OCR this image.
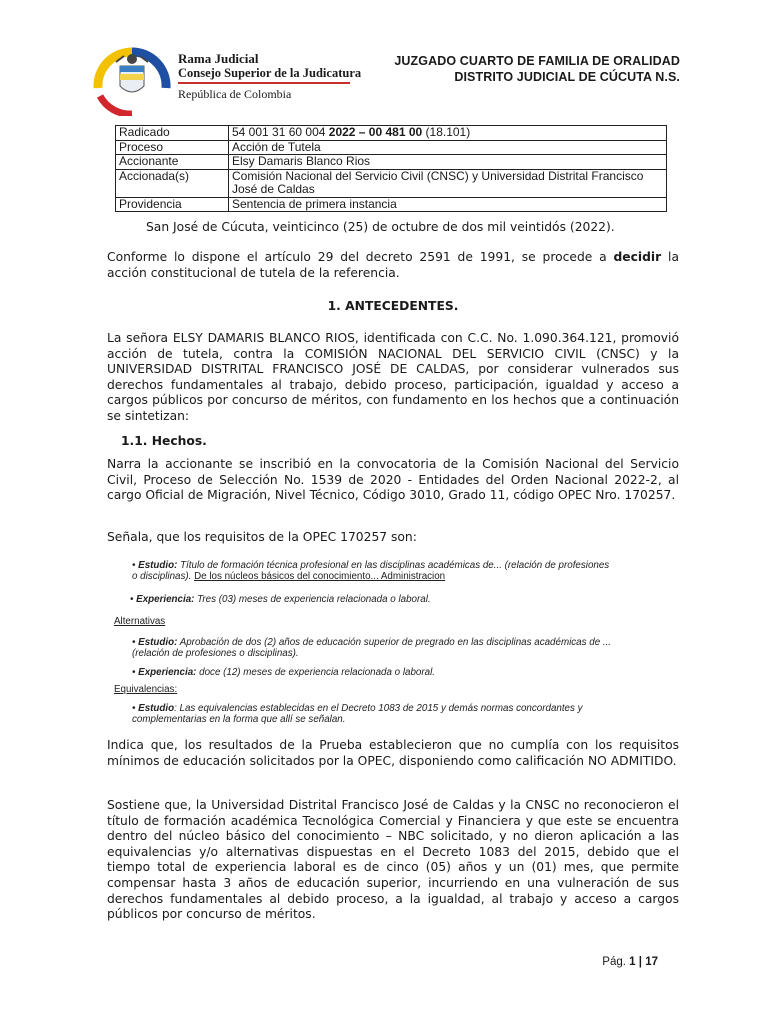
Rama Judicial
Consejo Superior de la Judicatura
República de Colombia
JUZGADO CUARTO DE FAMILIA DE ORALIDAD
DISTRITO JUDICIAL DE CÚCUTA N.S.
Radicado	54 001 31 60 004 2022 – 00 481 00 (18.101)
Proceso	Acción de Tutela
Accionante	Elsy Damaris Blanco Rios
Accionada(s)	Comisión Nacional del Servicio Civil (CNSC) y Universidad Distrital Francisco José de Caldas
Providencia	Sentencia de primera instancia
San José de Cúcuta, veinticinco (25) de octubre de dos mil veintidós (2022).
Conforme lo dispone el artículo 29 del decreto 2591 de 1991, se procede a decidir la acción constitucional de tutela de la referencia.
1. ANTECEDENTES.
La señora ELSY DAMARIS BLANCO RIOS, identificada con C.C. No. 1.090.364.121, promovió acción de tutela, contra la COMISIÓN NACIONAL DEL SERVICIO CIVIL (CNSC) y la UNIVERSIDAD DISTRITAL FRANCISCO JOSÉ DE CALDAS, por considerar vulnerados sus derechos fundamentales al trabajo, debido proceso, participación, igualdad y acceso a cargos públicos por concurso de méritos, con fundamento en los hechos que a continuación se sintetizan:
1.1. Hechos.
Narra la accionante se inscribió en la convocatoria de la Comisión Nacional del Servicio Civil, Proceso de Selección No. 1539 de 2020 - Entidades del Orden Nacional 2022-2, al cargo Oficial de Migración, Nivel Técnico, Código 3010, Grado 11, código OPEC Nro. 170257.
Señala, que los requisitos de la OPEC 170257 son:
• Estudio: Título de formación técnica profesional en las disciplinas académicas de... (relación de profesiones o disciplinas). De los núcleos básicos del conocimiento... Administracion
• Experiencia: Tres (03) meses de experiencia relacionada o laboral.
Alternativas
• Estudio: Aprobación de dos (2) años de educación superior de pregrado en las disciplinas académicas de ... (relación de profesiones o disciplinas).
• Experiencia: doce (12) meses de experiencia relacionada o laboral.
Equivalencias:
• Estudio: Las equivalencias establecidas en el Decreto 1083 de 2015 y demás normas concordantes y complementarias en la forma que allí se señalan.
Indica que, los resultados de la Prueba establecieron que no cumplía con los requisitos mínimos de educación solicitados por la OPEC, disponiendo como calificación NO ADMITIDO.
Sostiene que, la Universidad Distrital Francisco José de Caldas y la CNSC no reconocieron el título de formación académica Tecnológica Comercial y Financiera y que este se encuentra dentro del núcleo básico del conocimiento – NBC solicitado, y no dieron aplicación a las equivalencias y/o alternativas dispuestas en el Decreto 1083 del 2015, debido que el tiempo total de experiencia laboral es de cinco (05) años y un (01) mes, que permite compensar hasta 3 años de educación superior, incurriendo en una vulneración de sus derechos fundamentales al debido proceso, a la igualdad, al trabajo y acceso a cargos públicos por concurso de méritos.
Pág. 1 | 17
